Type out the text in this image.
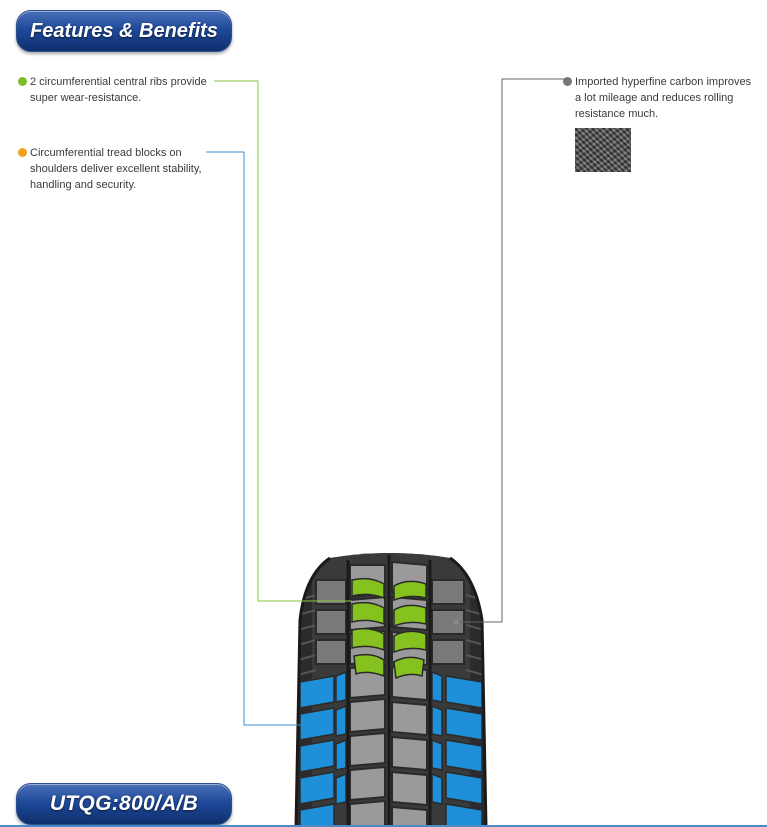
Features & Benefits
2 circumferential central ribs provide super wear-resistance.
Circumferential tread blocks on shoulders deliver excellent stability, handling and security.
Imported hyperfine carbon improves a lot mileage and reduces rolling resistance much.
UTQG:800/A/B
